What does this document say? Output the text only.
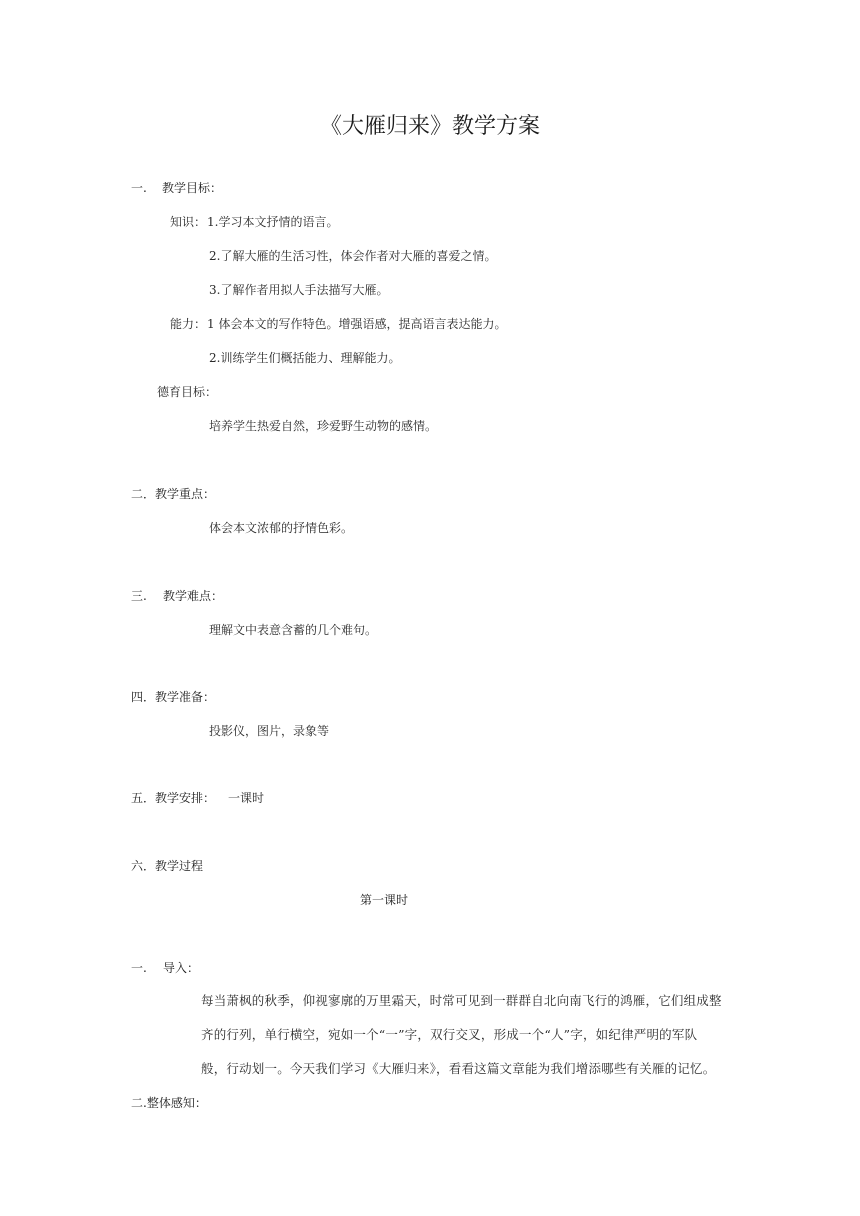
《大雁归来》教学方案
一. 教学目标：
知识： 1.学习本文抒情的语言。
2.了解大雁的生活习性，体会作者对大雁的喜爱之情。
3.了解作者用拟人手法描写大雁。
能力： 1 体会本文的写作特色。增强语感，提高语言表达能力。
2.训练学生们概括能力、理解能力。
德育目标：
培养学生热爱自然，珍爱野生动物的感情。
二．教学重点：
体会本文浓郁的抒情色彩。
三. 教学难点：
理解文中表意含蓄的几个难句。
四．教学准备：
投影仪，图片，录象等
五．教学安排： 一课时
六．教学过程
第一课时
一. 导入：
每当萧枫的秋季，仰视寥廓的万里霜天，时常可见到一群群自北向南飞行的鸿雁，它们组成整
齐的行列，单行横空，宛如一个“一”字，双行交叉，形成一个“人”字，如纪律严明的军队
般，行动划一。今天我们学习《大雁归来》，看看这篇文章能为我们增添哪些有关雁的记忆。
二.整体感知：
